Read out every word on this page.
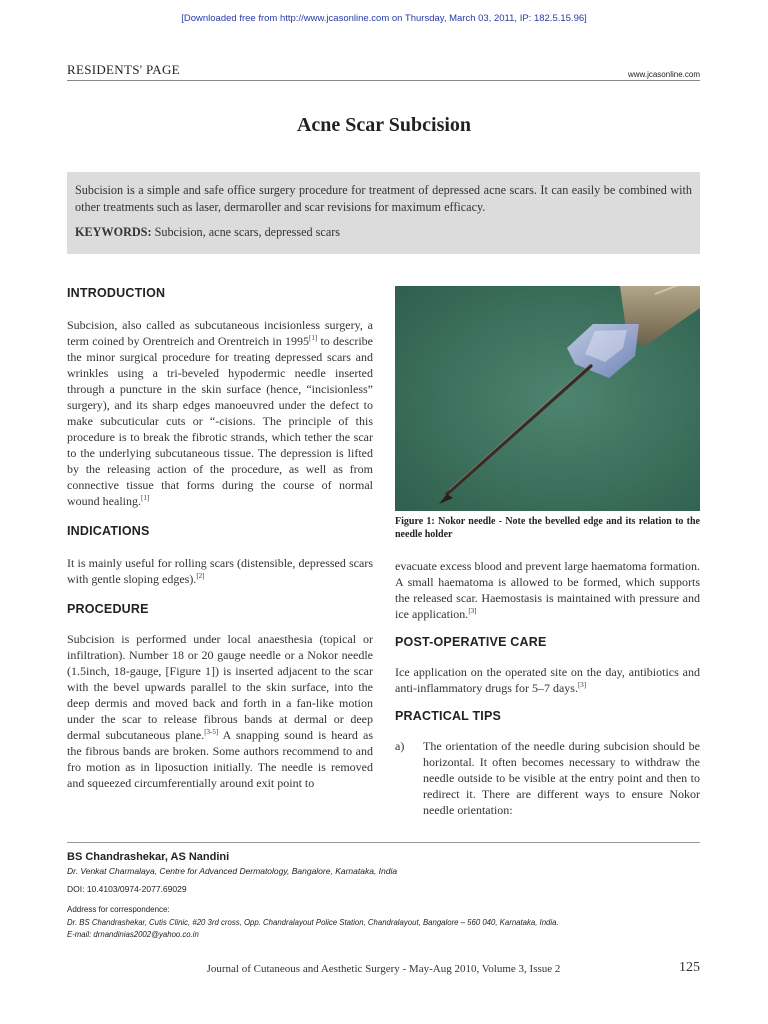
[Downloaded free from http://www.jcasonline.com on Thursday, March 03, 2011, IP: 182.5.15.96]
RESIDENTS' PAGE	www.jcasonline.com
Acne Scar Subcision

Subcision is a simple and safe office surgery procedure for treatment of depressed acne scars. It can easily be combined with other treatments such as laser, dermaroller and scar revisions for maximum efficacy.

KEYWORDS: Subcision, acne scars, depressed scars

INTRODUCTION

Subcision, also called as subcutaneous incisionless surgery, a term coined by Orentreich and Orentreich in 1995[1] to describe the minor surgical procedure for treating depressed scars and wrinkles using a tri-beveled hypodermic needle inserted through a puncture in the skin surface (hence, “incisionless” surgery), and its sharp edges manoeuvred under the defect to make subcuticular cuts or “-cisions. The principle of this procedure is to break the fibrotic strands, which tether the scar to the underlying subcutaneous tissue. The depression is lifted by the releasing action of the procedure, as well as from connective tissue that forms during the course of normal wound healing.[1]

INDICATIONS

It is mainly useful for rolling scars (distensible, depressed scars with gentle sloping edges).[2]

PROCEDURE

Subcision is performed under local anaesthesia (topical or infiltration). Number 18 or 20 gauge needle or a Nokor needle (1.5inch, 18-gauge, [Figure 1]) is inserted adjacent to the scar with the bevel upwards parallel to the skin surface, into the deep dermis and moved back and forth in a fan-like motion under the scar to release fibrous bands at dermal or deep dermal subcutaneous plane.[3-5] A snapping sound is heard as the fibrous bands are broken. Some authors recommend to and fro motion as in liposuction initially. The needle is removed and squeezed circumferentially around exit point to

Figure 1: Nokor needle - Note the bevelled edge and its relation to the needle holder

evacuate excess blood and prevent large haematoma formation. A small haematoma is allowed to be formed, which supports the released scar. Haemostasis is maintained with pressure and ice application.[3]

POST-OPERATIVE CARE

Ice application on the operated site on the day, antibiotics and anti-inflammatory drugs for 5–7 days.[3]

PRACTICAL TIPS
a)	The orientation of the needle during subcision should be horizontal. It often becomes necessary to withdraw the needle outside to be visible at the entry point and then to redirect it. There are different ways to ensure Nokor needle orientation:
BS Chandrashekar, AS Nandini
Dr. Venkat Charmalaya, Centre for Advanced Dermatology, Bangalore, Karnataka, India
DOI: 10.4103/0974-2077.69029
Address for correspondence:
Dr. BS Chandrashekar, Cutis Clinic, #20 3rd cross, Opp. Chandralayout Police Station, Chandralayout, Bangalore – 560 040, Karnataka, India.
E-mail: drnandinias2002@yahoo.co.in
Journal of Cutaneous and Aesthetic Surgery - May-Aug 2010, Volume 3, Issue 2	125
